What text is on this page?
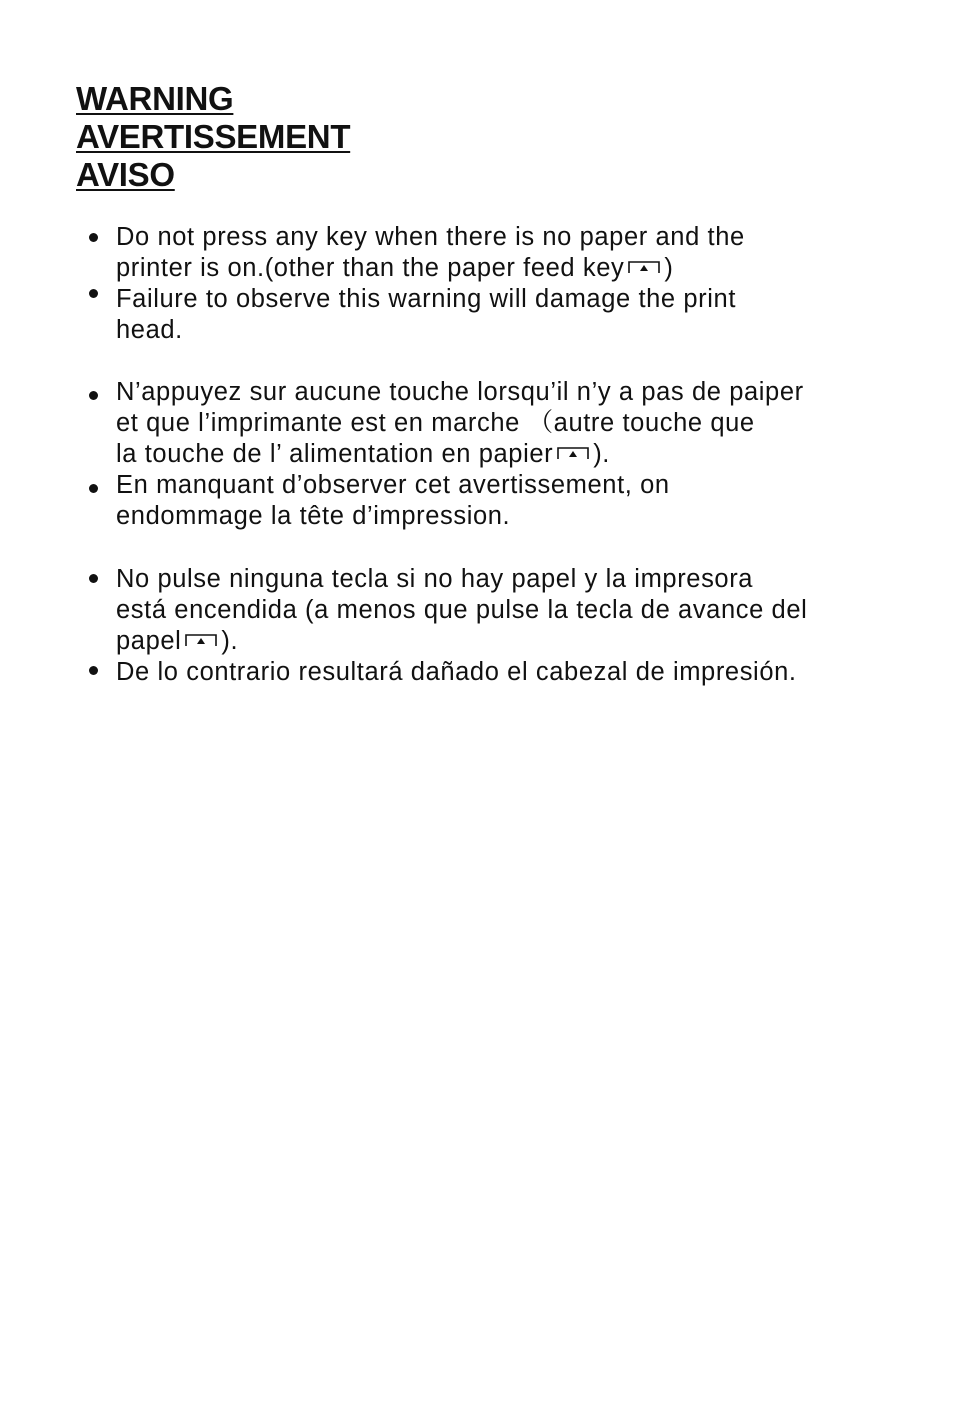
WARNING
AVERTISSEMENT
AVISO
Do not press any key when there is no paper and the
printer is on.(other than the paper feed key )
Failure to observe this warning will damage the print
head.
N’appuyez sur aucune touche lorsqu’il n’y a pas de paiper
et que l’imprimante est en marche （autre touche que
la touche de l’ alimentation en papier ).
En manquant d’observer cet avertissement, on
endommage la tête d’impression.
No pulse ninguna tecla si no hay papel y la impresora
está encendida (a menos que pulse la tecla de avance del
papel ).
De lo contrario resultará dañado el cabezal de impresión.
